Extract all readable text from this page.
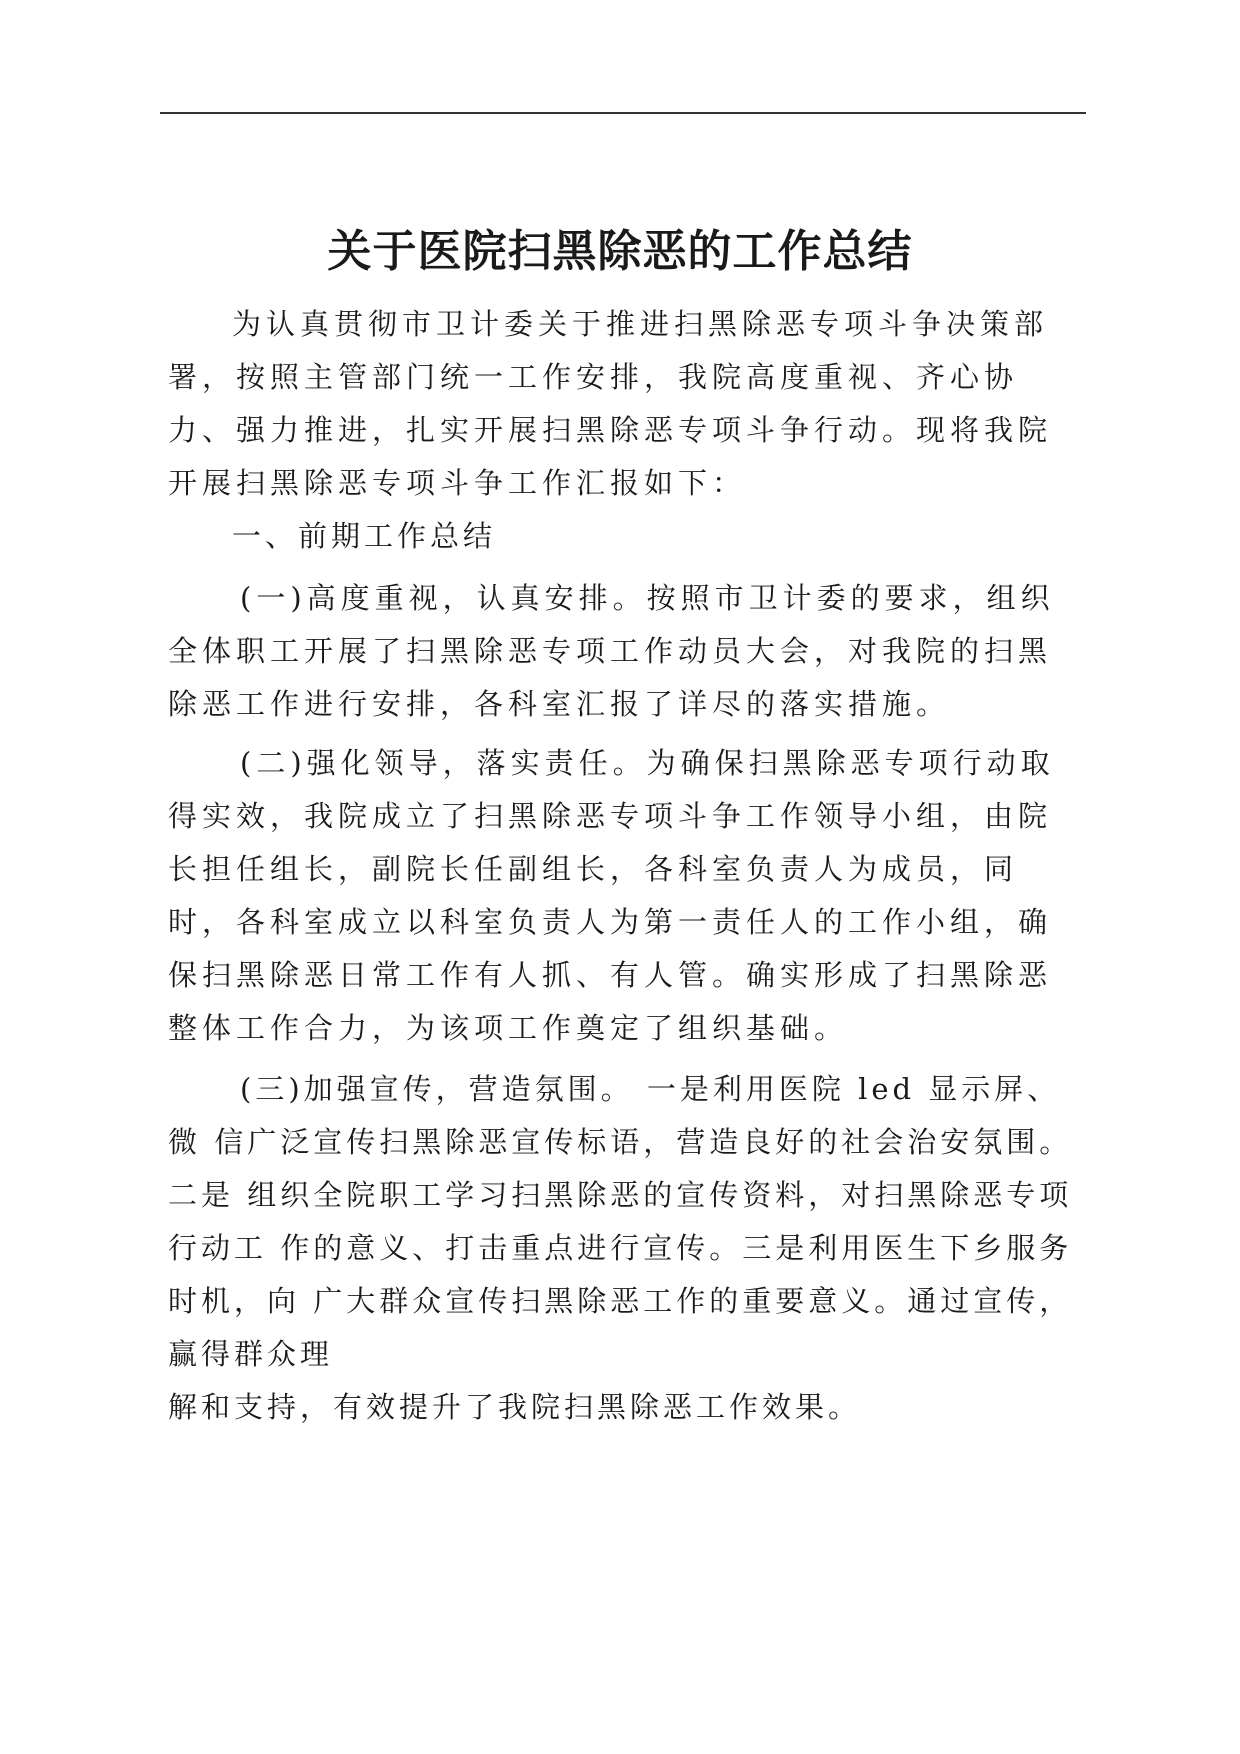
关于医院扫黑除恶的工作总结

为认真贯彻市卫计委关于推进扫黑除恶专项斗争决策部署，按照主管部门统一工作安排，我院高度重视、齐心协力、强力推进，扎实开展扫黑除恶专项斗争行动。现将我院开展扫黑除恶专项斗争工作汇报如下：

一、前期工作总结

(一)高度重视，认真安排。按照市卫计委的要求，组织全体职工开展了扫黑除恶专项工作动员大会，对我院的扫黑除恶工作进行安排，各科室汇报了详尽的落实措施。

(二)强化领导，落实责任。为确保扫黑除恶专项行动取得实效，我院成立了扫黑除恶专项斗争工作领导小组，由院长担任组长，副院长任副组长，各科室负责人为成员，同时，各科室成立以科室负责人为第一责任人的工作小组，确保扫黑除恶日常工作有人抓、有人管。确实形成了扫黑除恶整体工作合力，为该项工作奠定了组织基础。

(三)加强宣传，营造氛围。 一是利用医院 led 显示屏、
微 信广泛宣传扫黑除恶宣传标语，营造良好的社会治安氛围。
二是 组织全院职工学习扫黑除恶的宣传资料，对扫黑除恶专项
行动工 作的意义、打击重点进行宣传。三是利用医生下乡服务
时机，向 广大群众宣传扫黑除恶工作的重要意义。通过宣传，
赢得群众理
解和支持，有效提升了我院扫黑除恶工作效果。
